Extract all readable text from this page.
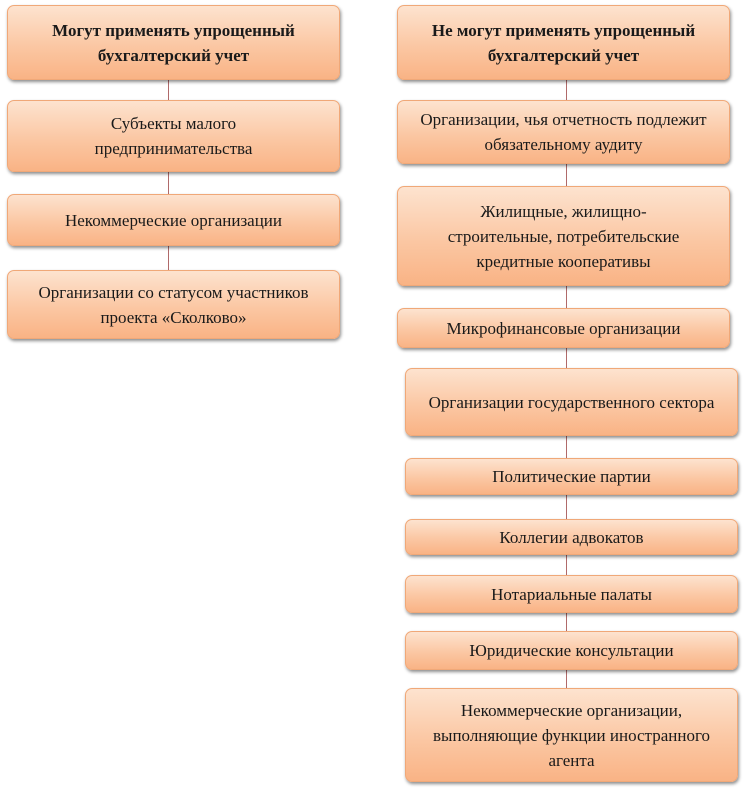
Могут применять упрощенный бухгалтерский учет
Субъекты малого предпринимательства
Некоммерческие организации
Организации со статусом участников проекта «Сколково»
Не могут применять упрощенный бухгалтерский учет
Организации, чья отчетность подлежит обязательному аудиту
Жилищные, жилищно-строительные, потребительские кредитные кооперативы
Микрофинансовые организации
Организации государственного сектора
Политические партии
Коллегии адвокатов
Нотариальные палаты
Юридические консультации
Некоммерческие организации, выполняющие функции иностранного агента
